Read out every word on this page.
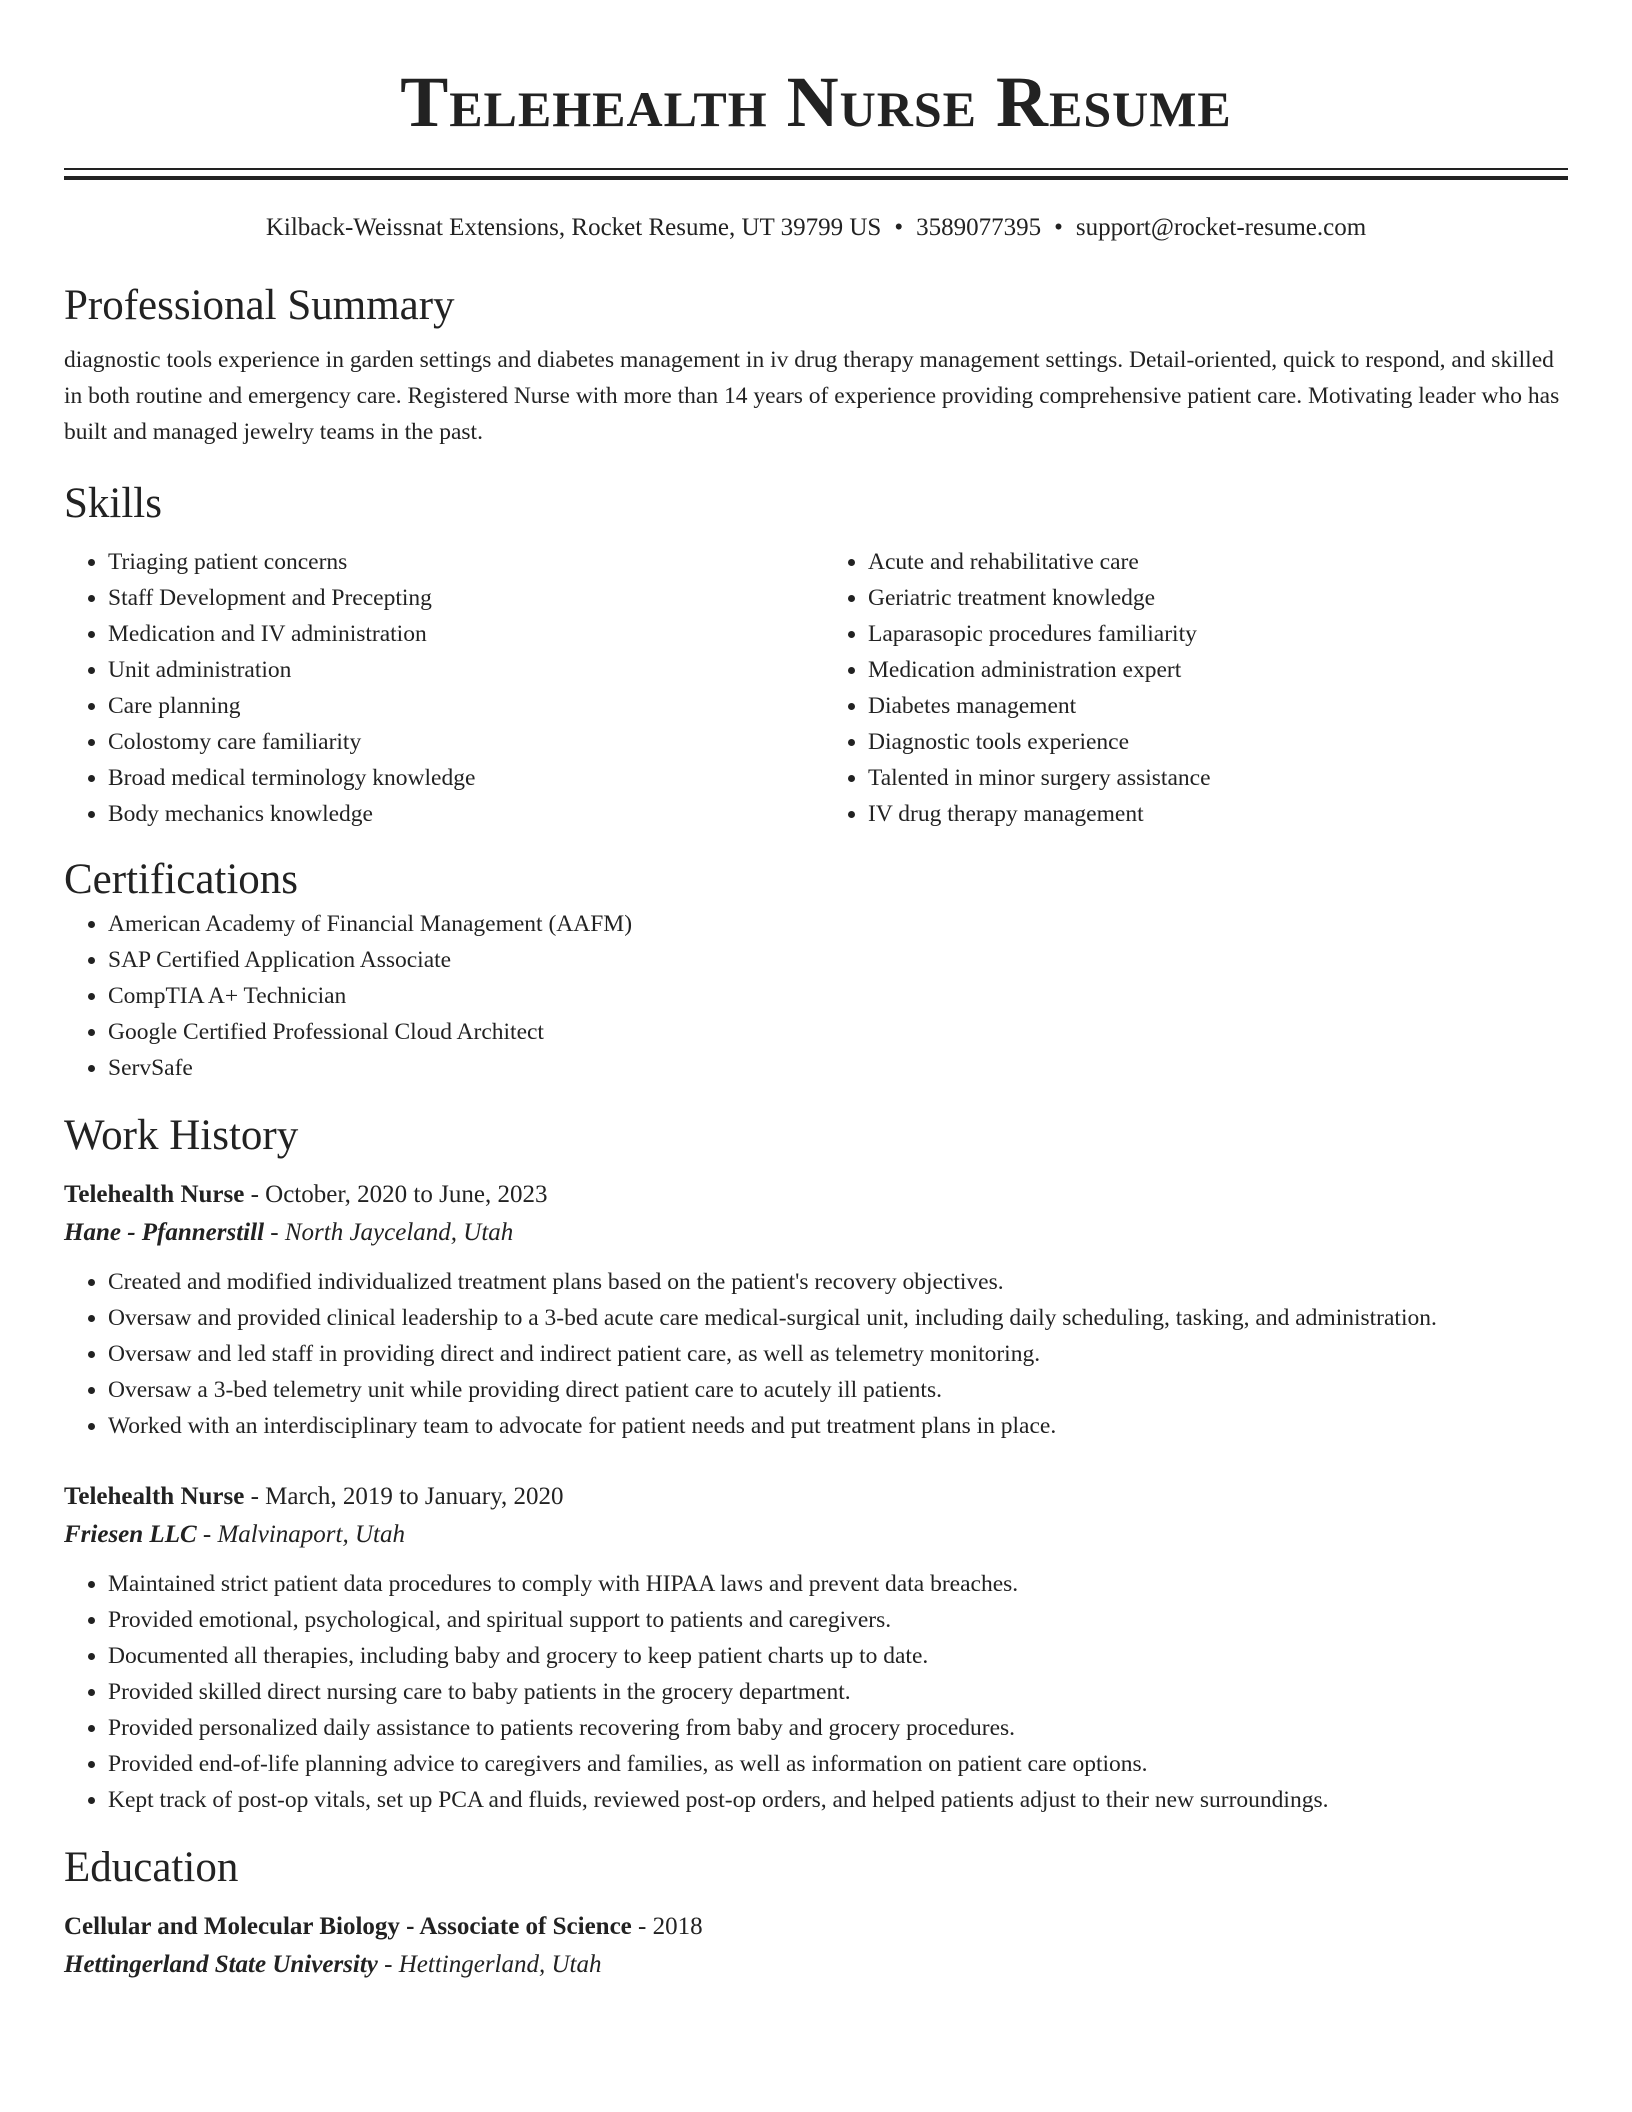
Telehealth Nurse Resume
Kilback-Weissnat Extensions, Rocket Resume, UT 39799 US • 3589077395 • support@rocket-resume.com
Professional Summary

diagnostic tools experience in garden settings and diabetes management in iv drug therapy management settings. Detail-oriented, quick to respond, and skilled in both routine and emergency care. Registered Nurse with more than 14 years of experience providing comprehensive patient care. Motivating leader who has built and managed jewelry teams in the past.

Skills
• Triaging patient concerns
• Staff Development and Precepting
• Medication and IV administration
• Unit administration
• Care planning
• Colostomy care familiarity
• Broad medical terminology knowledge
• Body mechanics knowledge
• Acute and rehabilitative care
• Geriatric treatment knowledge
• Laparasopic procedures familiarity
• Medication administration expert
• Diabetes management
• Diagnostic tools experience
• Talented in minor surgery assistance
• IV drug therapy management
Certifications
• American Academy of Financial Management (AAFM)
• SAP Certified Application Associate
• CompTIA A+ Technician
• Google Certified Professional Cloud Architect
• ServSafe
Work History
Telehealth Nurse - October, 2020 to June, 2023
Hane - Pfannerstill - North Jayceland, Utah
• Created and modified individualized treatment plans based on the patient's recovery objectives.
• Oversaw and provided clinical leadership to a 3-bed acute care medical-surgical unit, including daily scheduling, tasking, and administration.
• Oversaw and led staff in providing direct and indirect patient care, as well as telemetry monitoring.
• Oversaw a 3-bed telemetry unit while providing direct patient care to acutely ill patients.
• Worked with an interdisciplinary team to advocate for patient needs and put treatment plans in place.
Telehealth Nurse - March, 2019 to January, 2020
Friesen LLC - Malvinaport, Utah
• Maintained strict patient data procedures to comply with HIPAA laws and prevent data breaches.
• Provided emotional, psychological, and spiritual support to patients and caregivers.
• Documented all therapies, including baby and grocery to keep patient charts up to date.
• Provided skilled direct nursing care to baby patients in the grocery department.
• Provided personalized daily assistance to patients recovering from baby and grocery procedures.
• Provided end-of-life planning advice to caregivers and families, as well as information on patient care options.
• Kept track of post-op vitals, set up PCA and fluids, reviewed post-op orders, and helped patients adjust to their new surroundings.
Education
Cellular and Molecular Biology - Associate of Science - 2018
Hettingerland State University - Hettingerland, Utah
